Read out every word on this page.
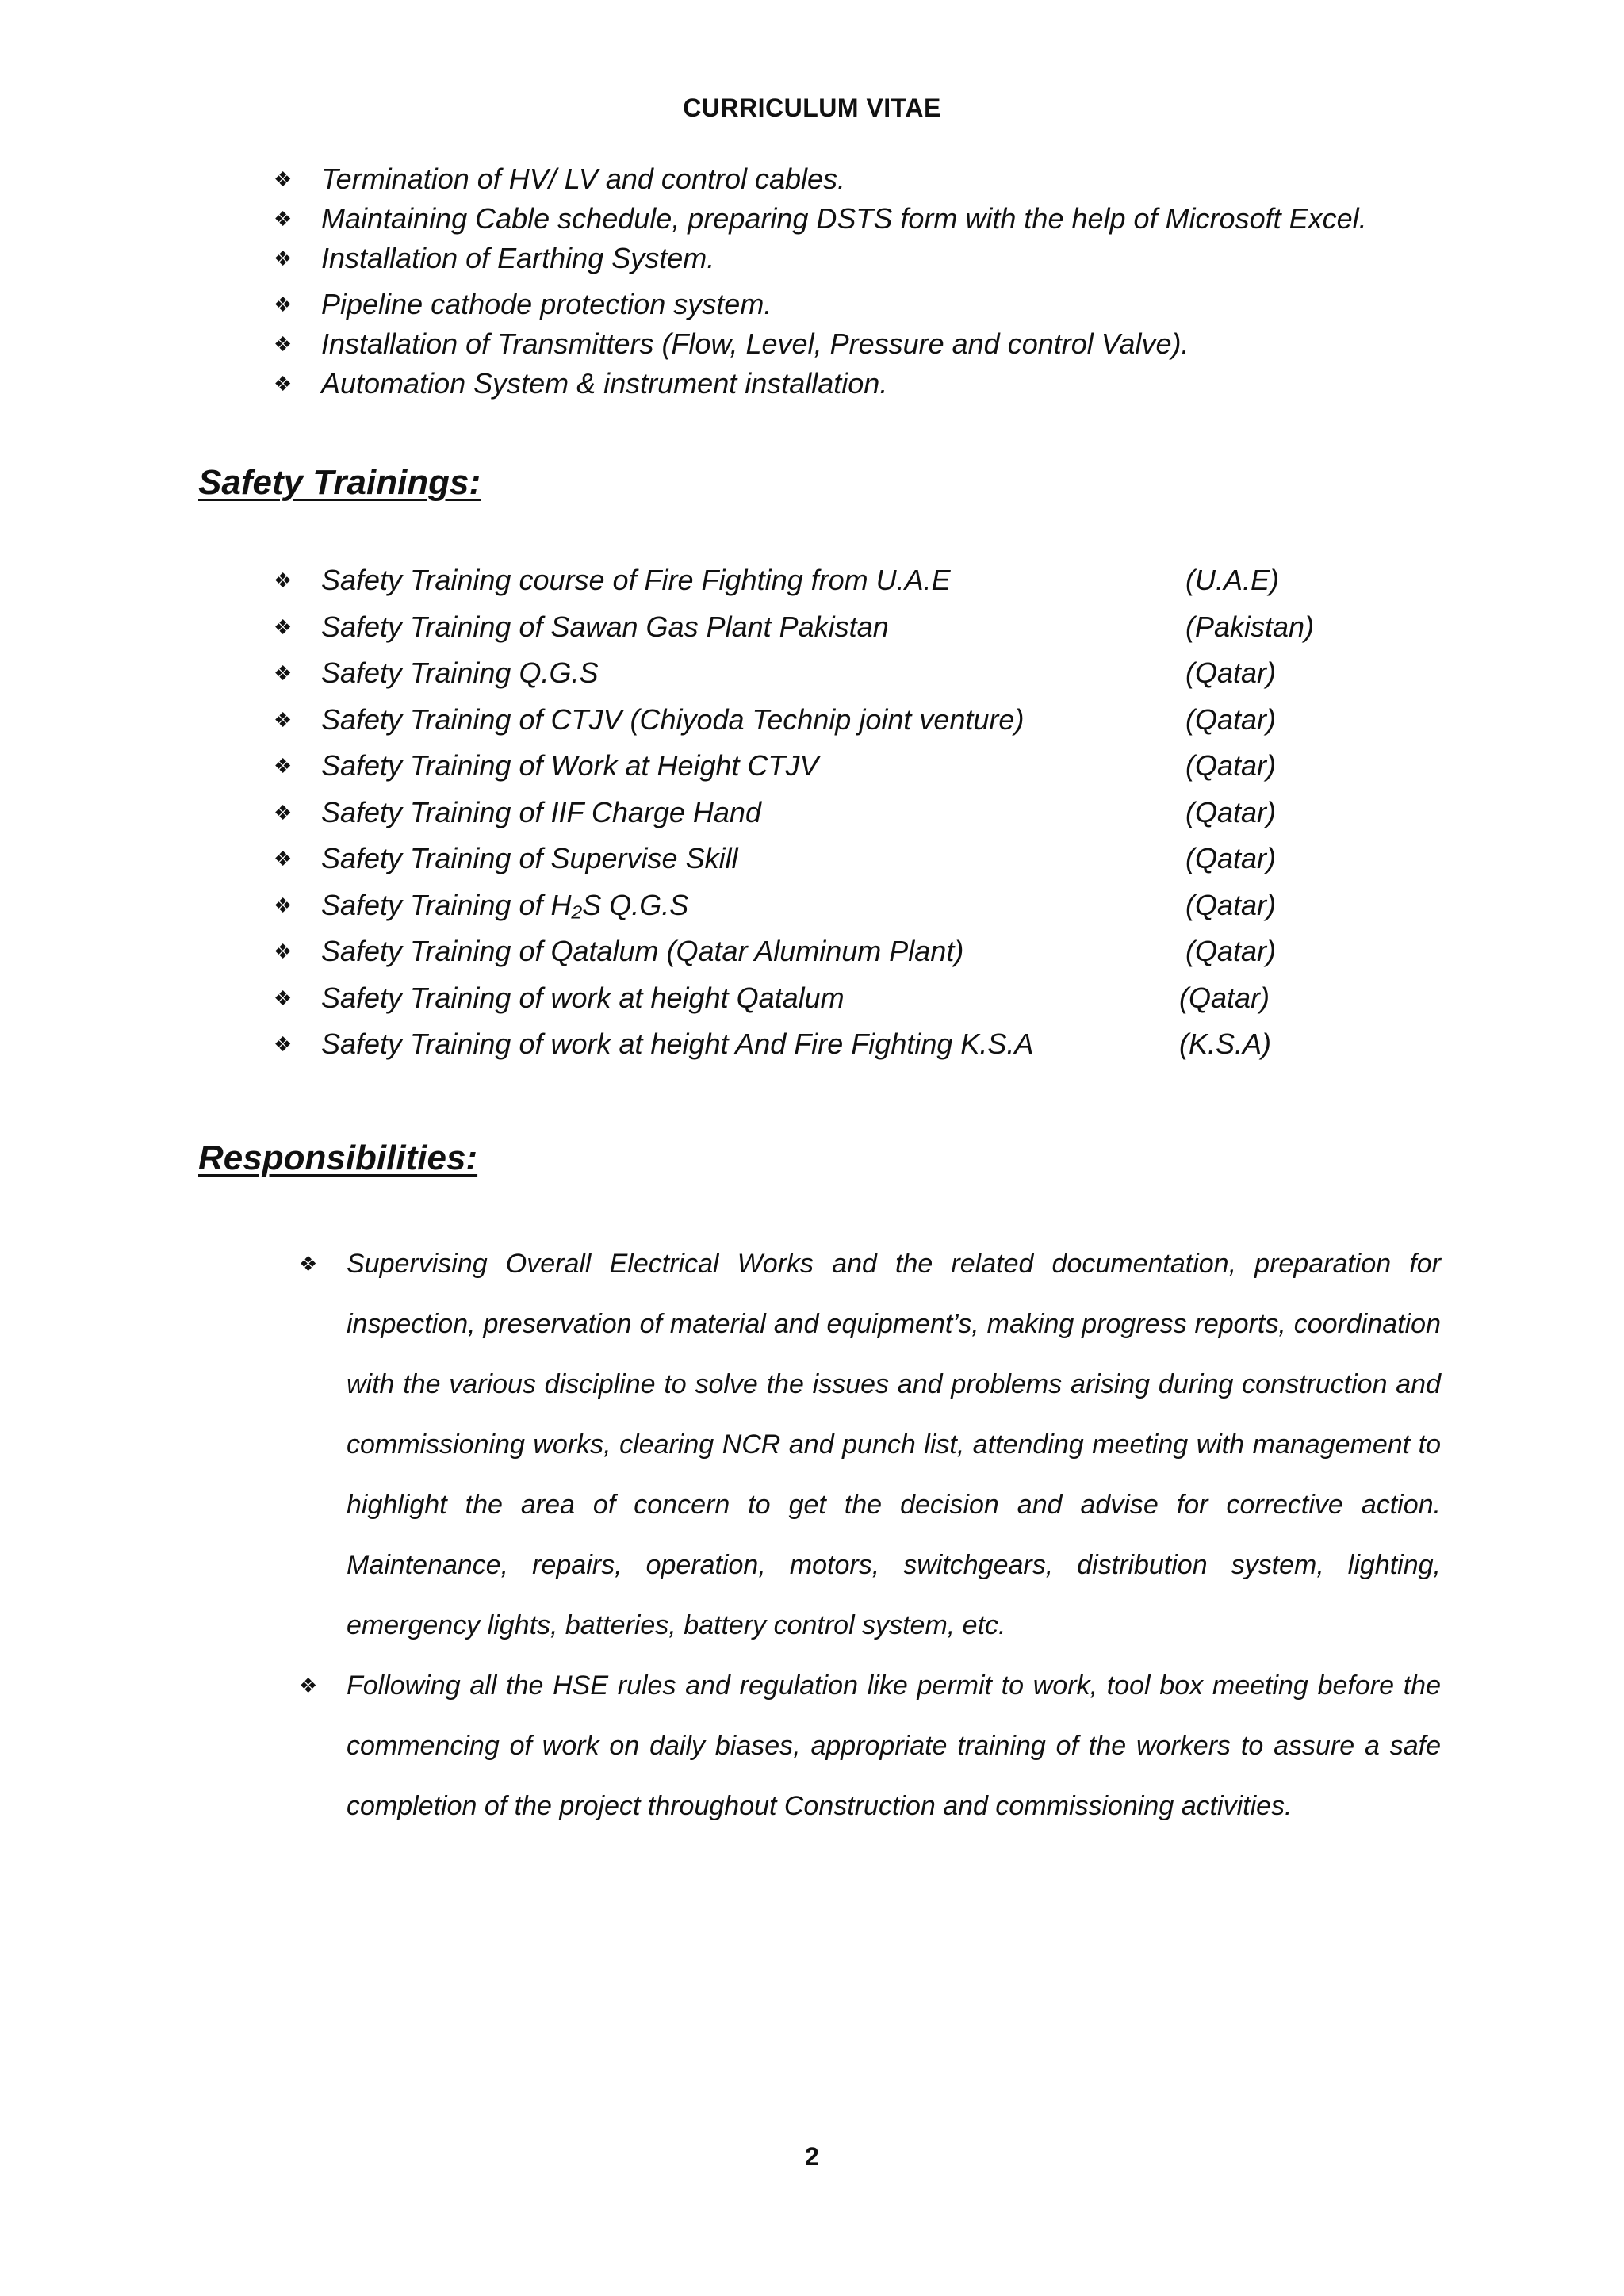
CURRICULUM VITAE
❖ Termination of HV/ LV and control cables.
❖ Maintaining Cable schedule, preparing DSTS form with the help of Microsoft Excel.
❖ Installation of Earthing System.
❖ Pipeline cathode protection system.
❖ Installation of Transmitters (Flow, Level, Pressure and control Valve).
❖ Automation System & instrument installation.
Safety Trainings:
❖ Safety Training course of Fire Fighting from U.A.E	(U.A.E)
❖ Safety Training of Sawan Gas Plant Pakistan	(Pakistan)
❖ Safety Training Q.G.S	(Qatar)
❖ Safety Training of CTJV (Chiyoda Technip joint venture)	(Qatar)
❖ Safety Training of Work at Height CTJV	(Qatar)
❖ Safety Training of IIF Charge Hand	(Qatar)
❖ Safety Training of Supervise Skill	(Qatar)
❖ Safety Training of H₂S Q.G.S	(Qatar)
❖ Safety Training of Qatalum (Qatar Aluminum Plant)	(Qatar)
❖ Safety Training of work at height Qatalum	(Qatar)
❖ Safety Training of work at height And Fire Fighting K.S.A	(K.S.A)
Responsibilities:
❖ Supervising Overall Electrical Works and the related documentation, preparation for inspection, preservation of material and equipment’s, making progress reports, coordination with the various discipline to solve the issues and problems arising during construction and commissioning works, clearing NCR and punch list, attending meeting with management to highlight the area of concern to get the decision and advise for corrective action. Maintenance, repairs, operation, motors, switchgears, distribution system, lighting, emergency lights, batteries, battery control system, etc.
❖ Following all the HSE rules and regulation like permit to work, tool box meeting before the commencing of work on daily biases, appropriate training of the workers to assure a safe completion of the project throughout Construction and commissioning activities.
2
